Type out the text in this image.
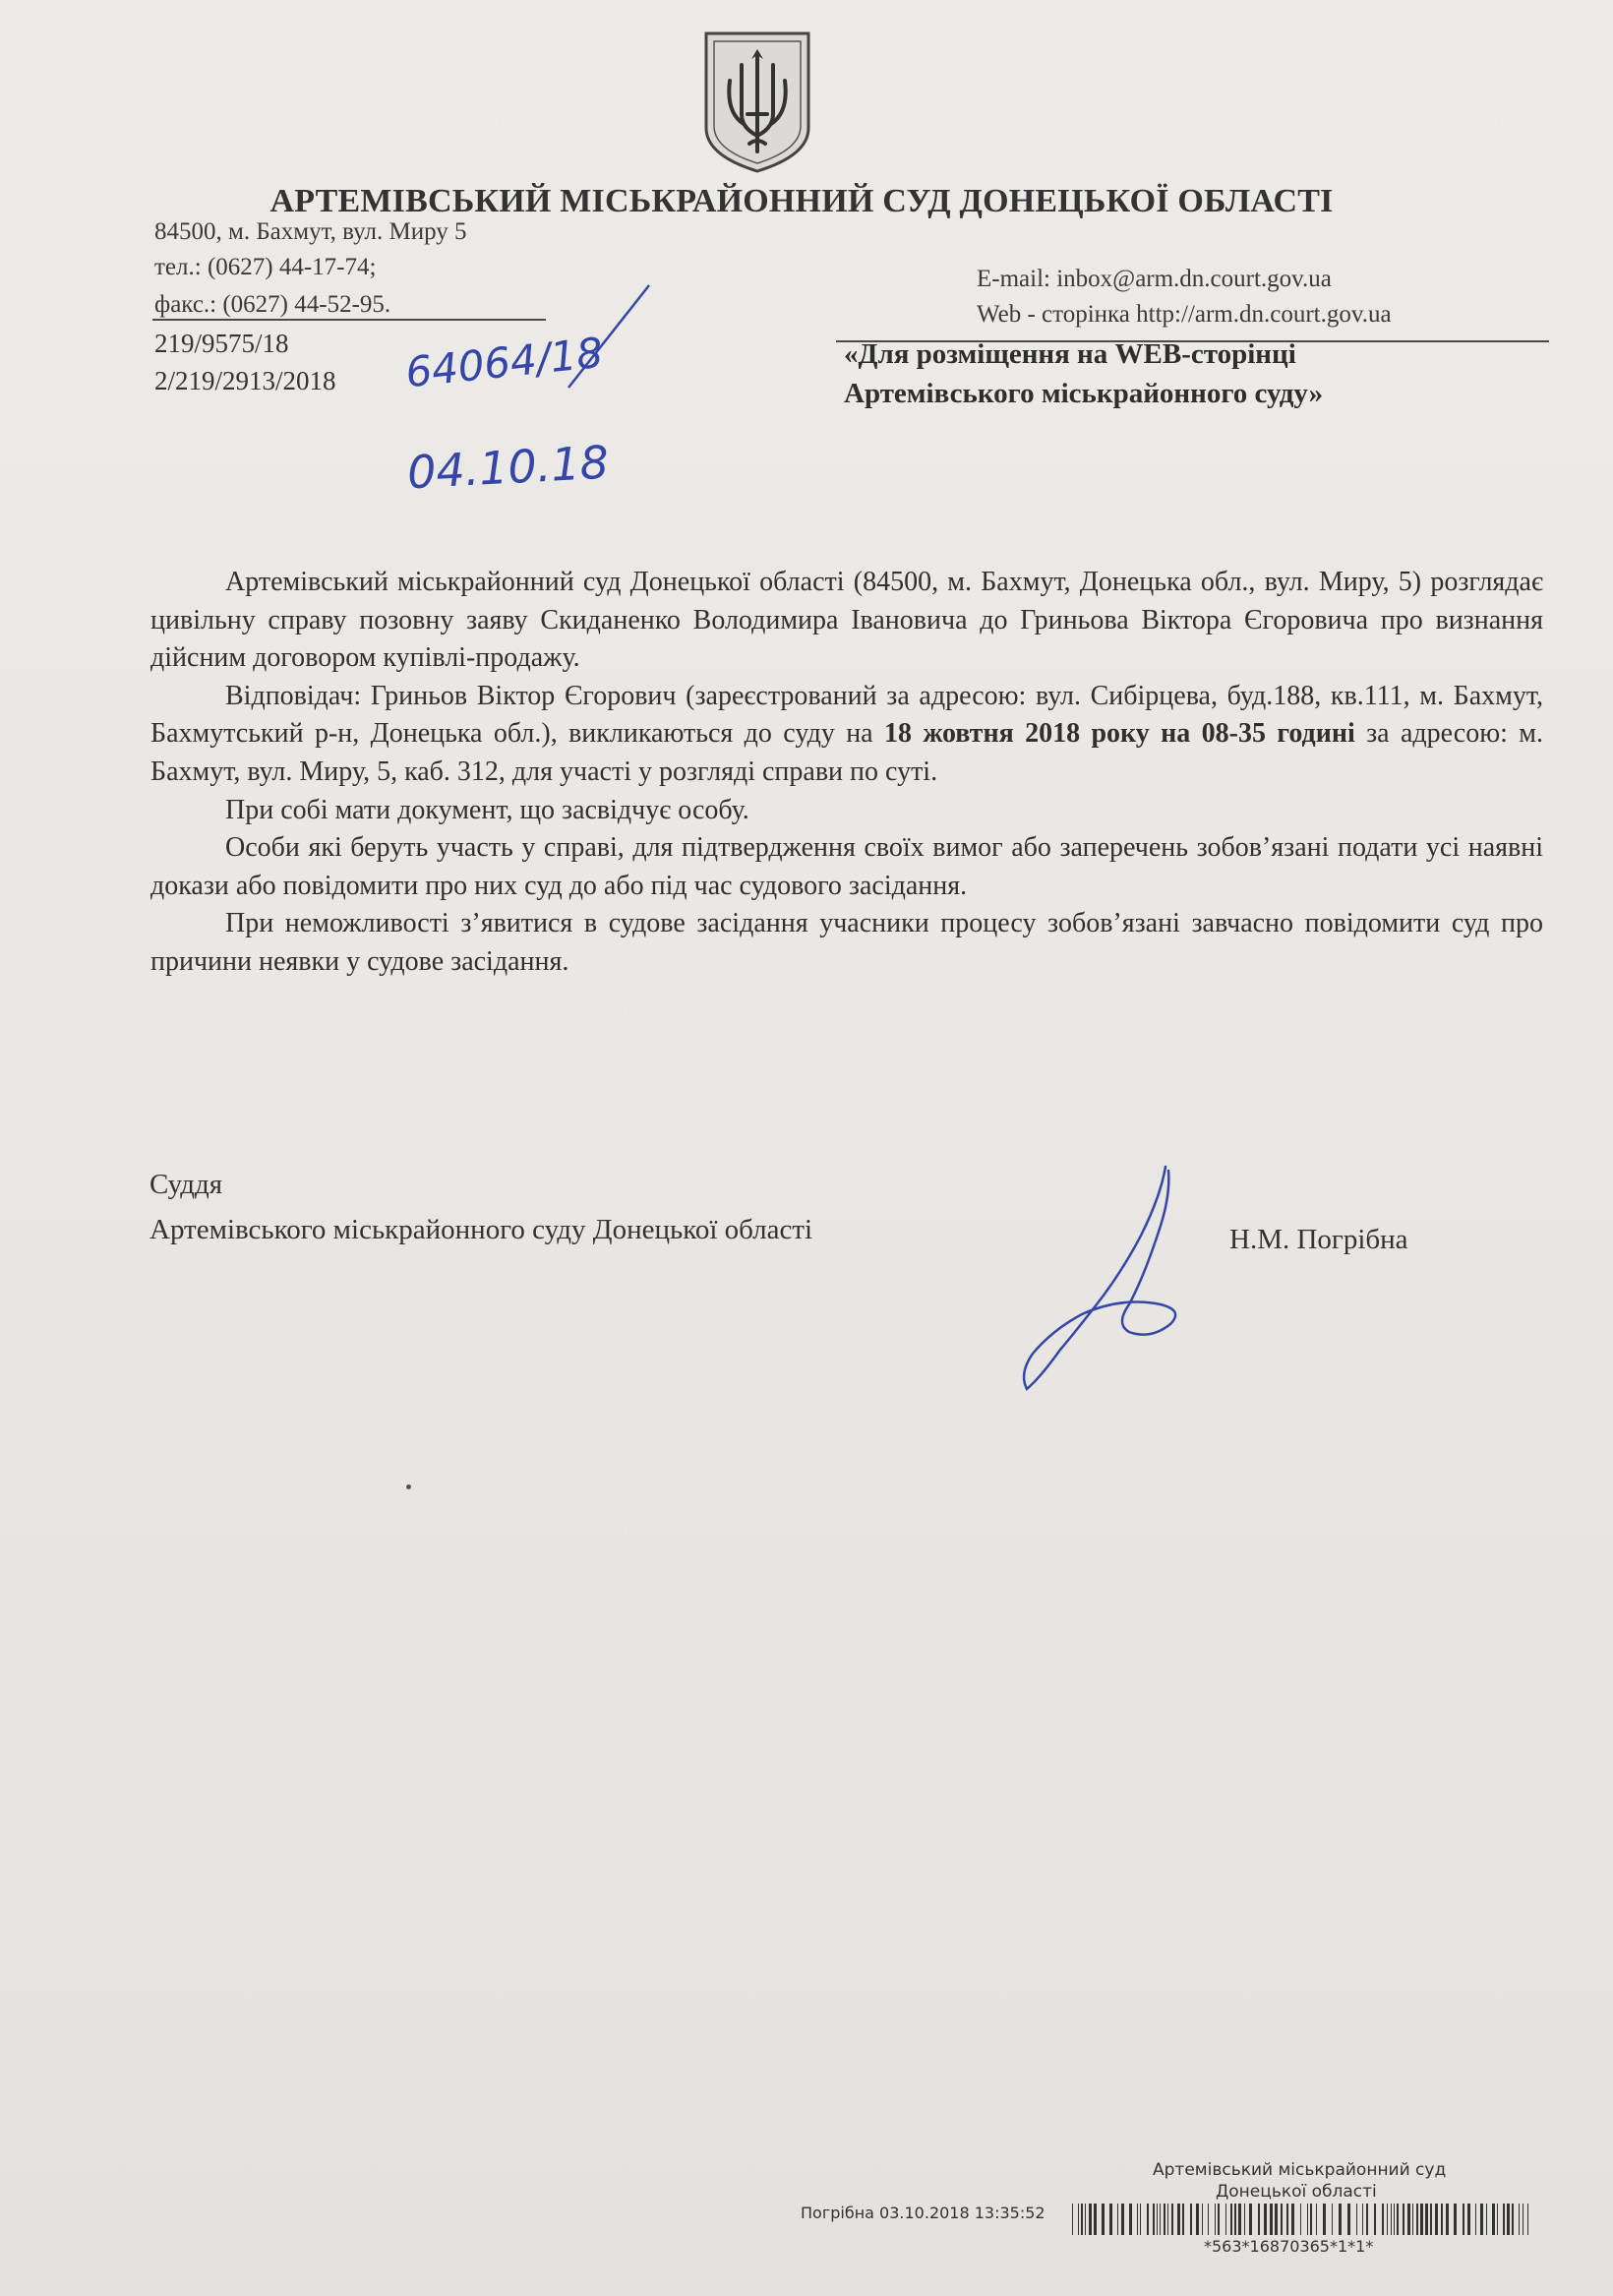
АРТЕМІВСЬКИЙ МІСЬКРАЙОННИЙ СУД ДОНЕЦЬКОЇ ОБЛАСТІ
84500, м. Бахмут, вул. Миру 5
тел.: (0627) 44-17-74;
факс.: (0627) 44-52-95.
E-mail: inbox@arm.dn.court.gov.ua
Web - сторінка http://arm.dn.court.gov.ua
219/9575/18
2/219/2913/2018 64064/18
04.10.18
«Для розміщення на WEB-сторінці
Артемівського міськрайонного суду»

Артемівський міськрайонний суд Донецької області (84500, м. Бахмут, Донецька обл., вул. Миру, 5) розглядає цивільну справу позовну заяву Скиданенко Володимира Івановича до Гриньова Віктора Єгоровича про визнання дійсним договором купівлі-продажу.

Відповідач: Гриньов Віктор Єгорович (зареєстрований за адресою: вул. Сибірцева, буд.188, кв.111, м. Бахмут, Бахмутський р-н, Донецька обл.), викликаються до суду на 18 жовтня 2018 року на 08-35 годині за адресою: м. Бахмут, вул. Миру, 5, каб. 312, для участі у розгляді справи по суті.

При собі мати документ, що засвідчує особу.

Особи які беруть участь у справі, для підтвердження своїх вимог або заперечень зобов’язані подати усі наявні докази або повідомити про них суд до або під час судового засідання.

При неможливості з’явитися в судове засідання учасники процесу зобов’язані завчасно повідомити суд про причини неявки у судове засідання.

Суддя
Артемівського міськрайонного суду Донецької області	Н.М. Погрібна
Артемівський міськрайонний суд
Донецької області
Погрібна 03.10.2018 13:35:52
*563*16870365*1*1*
